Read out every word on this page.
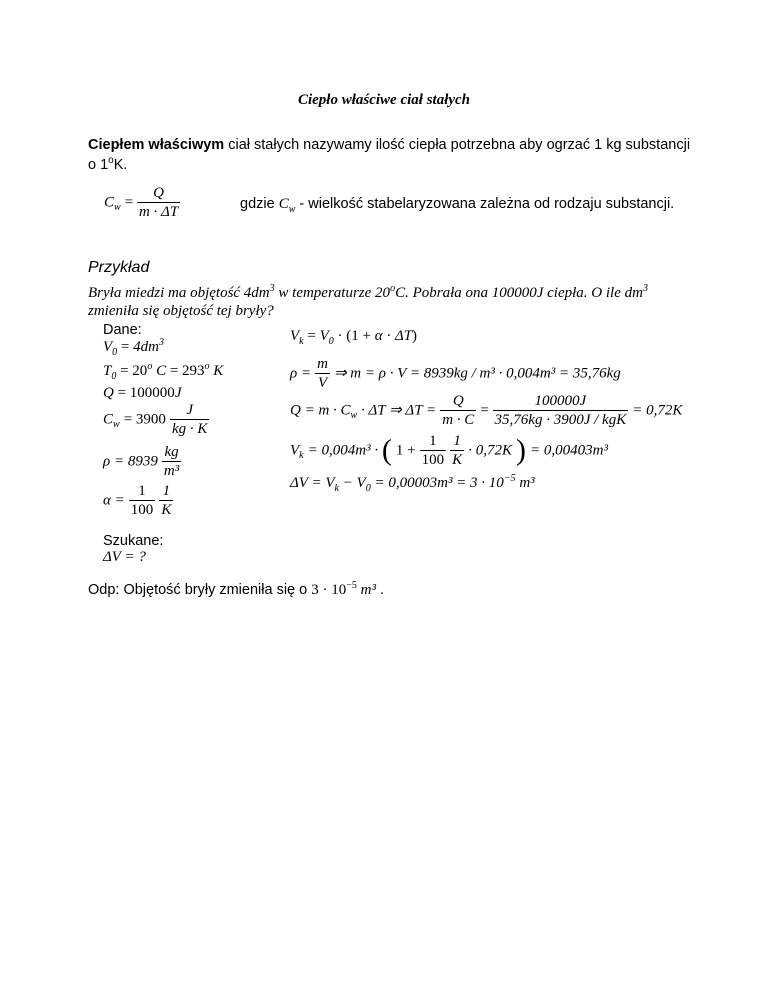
Ciepło właściwe ciał stałych
Ciepłem właściwym ciał stałych nazywamy ilość ciepła potrzebna aby ogrzać 1 kg substancji
o 1$^o$K.
$C_w = \frac{Q}{m \cdot \Delta T}$	gdzie $C_w$ - wielkość stabelaryzowana zależna od rodzaju substancji.
Przykład
Bryła miedzi ma objętość $4dm^3$ w temperaturze 20$^o$C. Pobrała ona 100000J ciepła. O ile $dm^3$
zmieniła się objętość tej bryły?
Dane:
$V_0 = 4dm^3$
$T_0 = 20^o$ $C = 293^o$ K
Q = 100000J
$C_w = 3900 \frac{J}{kg \cdot K}$
$\rho = 8939 \frac{kg}{\text{m³}}$
$\alpha = \frac{1}{100}$
$\frac{1}{K}$
Szukane:
ΔV = ?
$V_k = V_0 \cdot (1 + \alpha \cdot \Delta T)$
$\rho = \frac{m}{V}$ ⇒ m = ρ · V = 8939kg / m³ · 0,004m³ = 35,76kg
$Q = m \cdot C_w \cdot \Delta T$ ⇒ $\Delta T = \frac{Q}{m \cdot C} = \frac{100000J}{\text{35,76kg · 3900J / kgK}} = 0,72K$
$V_k = 0,004m^3$ · ( $1 + \frac{1}{100}$
$\frac{1}{K} \cdot 0,72K$ ) = 0,00403m³
$\Delta V = V_k - V_0 = 0,00003m^3 = 3 \cdot 10^{-5}$ m³
Odp: Objętość bryły zmieniła się o $3 \cdot 10^{-5}$ m³ .
